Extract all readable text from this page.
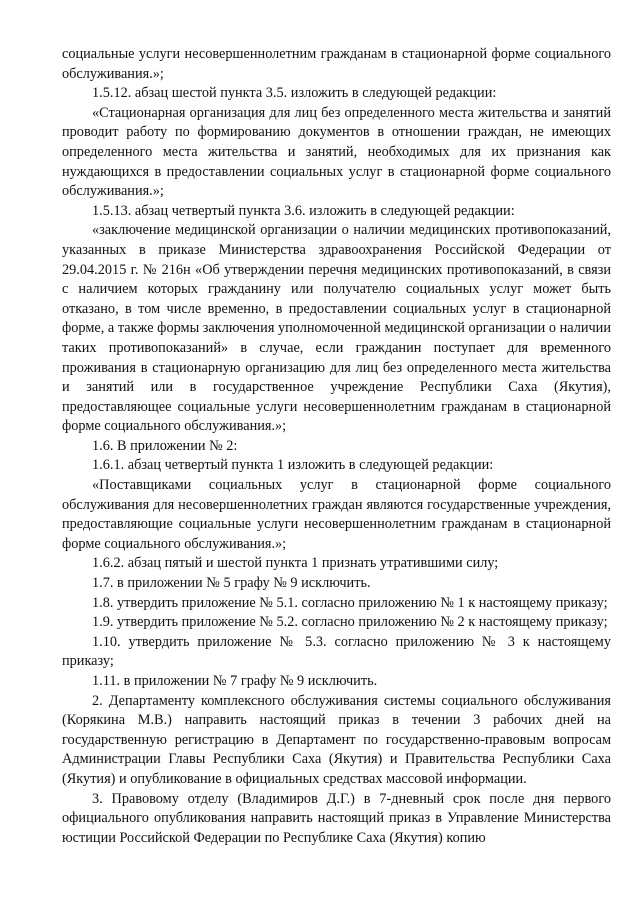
социальные услуги несовершеннолетним гражданам в стационарной форме социального обслуживания.»;

1.5.12. абзац шестой пункта 3.5. изложить в следующей редакции:

«Стационарная организация для лиц без определенного места жительства и занятий проводит работу по формированию документов в отношении граждан, не имеющих определенного места жительства и занятий, необходимых для их признания как нуждающихся в предоставлении социальных услуг в стационарной форме социального обслуживания.»;

1.5.13. абзац четвертый пункта 3.6. изложить в следующей редакции:

«заключение медицинской организации о наличии медицинских противопоказаний, указанных в приказе Министерства здравоохранения Российской Федерации от 29.04.2015 г. № 216н «Об утверждении перечня медицинских противопоказаний, в связи с наличием которых гражданину или получателю социальных услуг может быть отказано, в том числе временно, в предоставлении социальных услуг в стационарной форме, а также формы заключения уполномоченной медицинской организации о наличии таких противопоказаний» в случае, если гражданин поступает для временного проживания в стационарную организацию для лиц без определенного места жительства и занятий или в государственное учреждение Республики Саха (Якутия), предоставляющее социальные услуги несовершеннолетним гражданам в стационарной форме социального обслуживания.»;

1.6. В приложении № 2:

1.6.1. абзац четвертый пункта 1 изложить в следующей редакции:

«Поставщиками социальных услуг в стационарной форме социального обслуживания для несовершеннолетних граждан являются государственные учреждения, предоставляющие социальные услуги несовершеннолетним гражданам в стационарной форме социального обслуживания.»;

1.6.2. абзац пятый и шестой пункта 1 признать утратившими силу;

1.7. в приложении № 5 графу № 9 исключить.

1.8. утвердить приложение № 5.1. согласно приложению № 1 к настоящему приказу;

1.9. утвердить приложение № 5.2. согласно приложению № 2 к настоящему приказу;

1.10. утвердить приложение № 5.3. согласно приложению № 3 к настоящему приказу;

1.11. в приложении № 7 графу № 9 исключить.

2. Департаменту комплексного обслуживания системы социального обслуживания (Корякина М.В.) направить настоящий приказ в течении 3 рабочих дней на государственную регистрацию в Департамент по государственно-правовым вопросам Администрации Главы Республики Саха (Якутия) и Правительства Республики Саха (Якутия) и опубликование в официальных средствах массовой информации.

3. Правовому отделу (Владимиров Д.Г.) в 7-дневный срок после дня первого официального опубликования направить настоящий приказ в Управление Министерства юстиции Российской Федерации по Республике Саха (Якутия) копию
